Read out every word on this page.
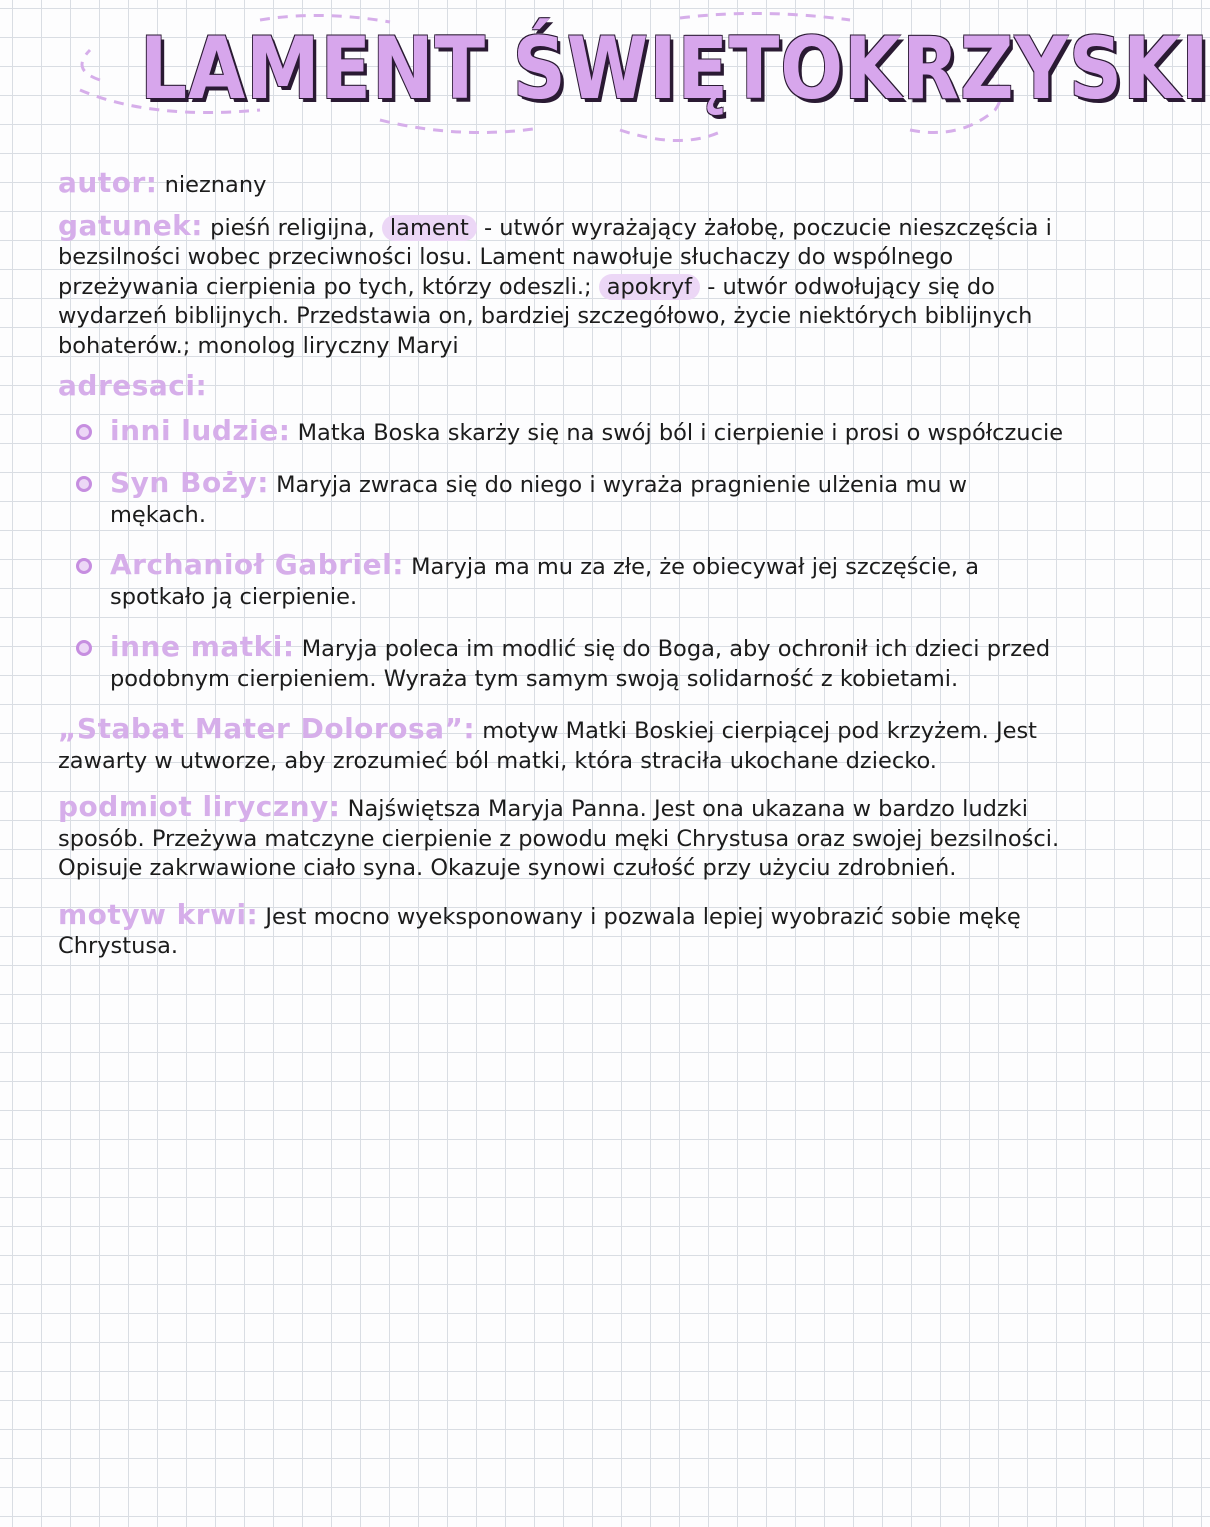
LAMENT ŚWIĘTOKRZYSKI

autor: nieznany

gatunek: pieśń religijna, lament - utwór wyrażający żałobę, poczucie nieszczęścia i bezsilności wobec przeciwności losu. Lament nawołuje słuchaczy do wspólnego przeżywania cierpienia po tych, którzy odeszli.; apokryf - utwór odwołujący się do wydarzeń biblijnych. Przedstawia on, bardziej szczegółowo, życie niektórych biblijnych bohaterów.; monolog liryczny Maryi

adresaci:
inni ludzie: Matka Boska skarży się na swój ból i cierpienie i prosi o współczucie
Syn Boży: Maryja zwraca się do niego i wyraża pragnienie ulżenia mu w mękach.
Archanioł Gabriel: Maryja ma mu za złe, że obiecywał jej szczęście, a spotkało ją cierpienie.
inne matki: Maryja poleca im modlić się do Boga, aby ochronił ich dzieci przed podobnym cierpieniem. Wyraża tym samym swoją solidarność z kobietami.

„Stabat Mater Dolorosa”: motyw Matki Boskiej cierpiącej pod krzyżem. Jest zawarty w utworze, aby zrozumieć ból matki, która straciła ukochane dziecko.

podmiot liryczny: Najświętsza Maryja Panna. Jest ona ukazana w bardzo ludzki sposób. Przeżywa matczyne cierpienie z powodu męki Chrystusa oraz swojej bezsilności. Opisuje zakrwawione ciało syna. Okazuje synowi czułość przy użyciu zdrobnień.

motyw krwi: Jest mocno wyeksponowany i pozwala lepiej wyobrazić sobie mękę Chrystusa.
